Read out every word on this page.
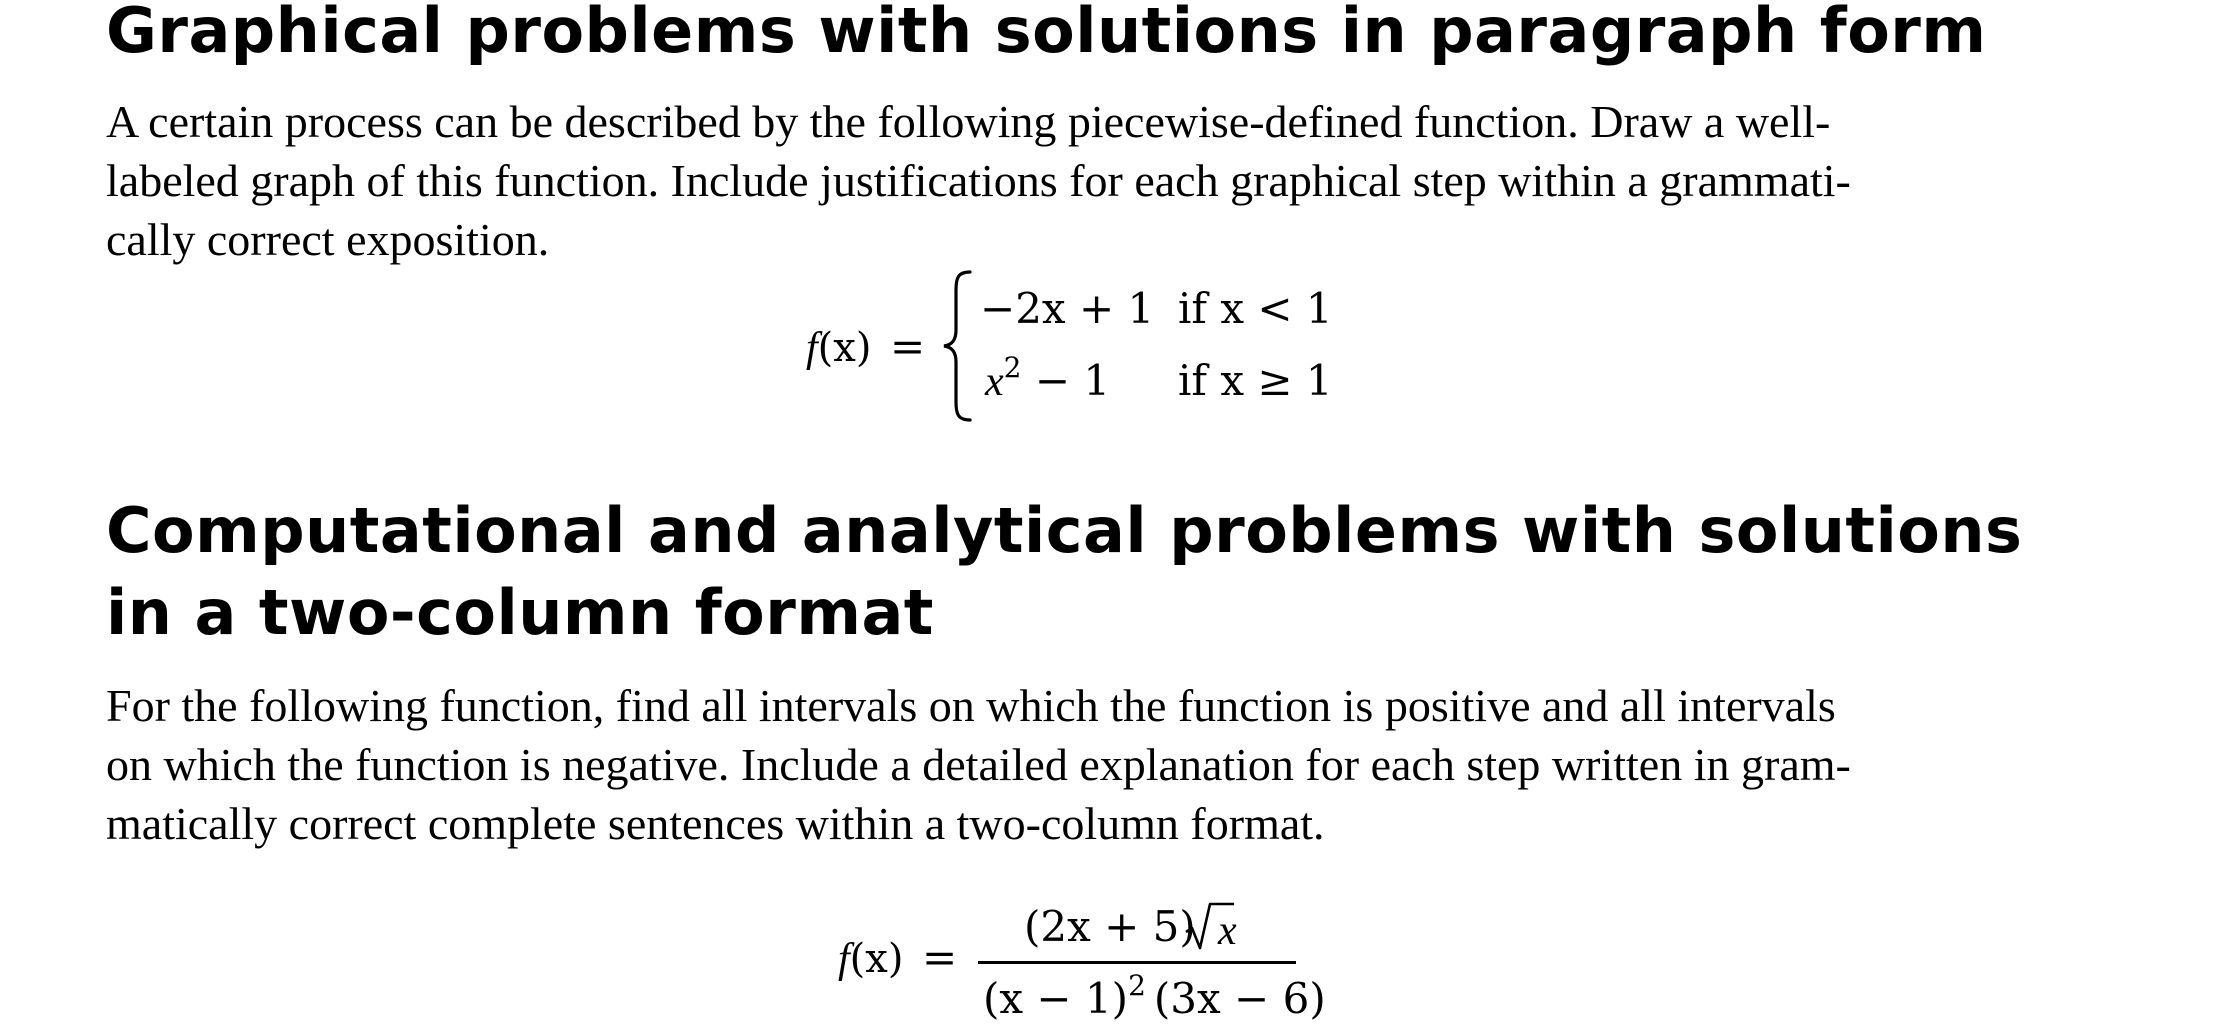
Graphical problems with solutions in paragraph form
A certain process can be described by the following piecewise-defined function. Draw a well-
labeled graph of this function. Include justifications for each graphical step within a grammati-
cally correct exposition.
f(x) =
−2x + 1 if x < 1
$x^2 - 1$ if x ≥ 1
Computational and analytical problems with solutions
in a two-column format
For the following function, find all intervals on which the function is positive and all intervals
on which the function is negative. Include a detailed explanation for each step written in gram-
matically correct complete sentences within a two-column format.
f(x) =
(2x + 5) x
$(x - 1)^2$ (3x − 6)
